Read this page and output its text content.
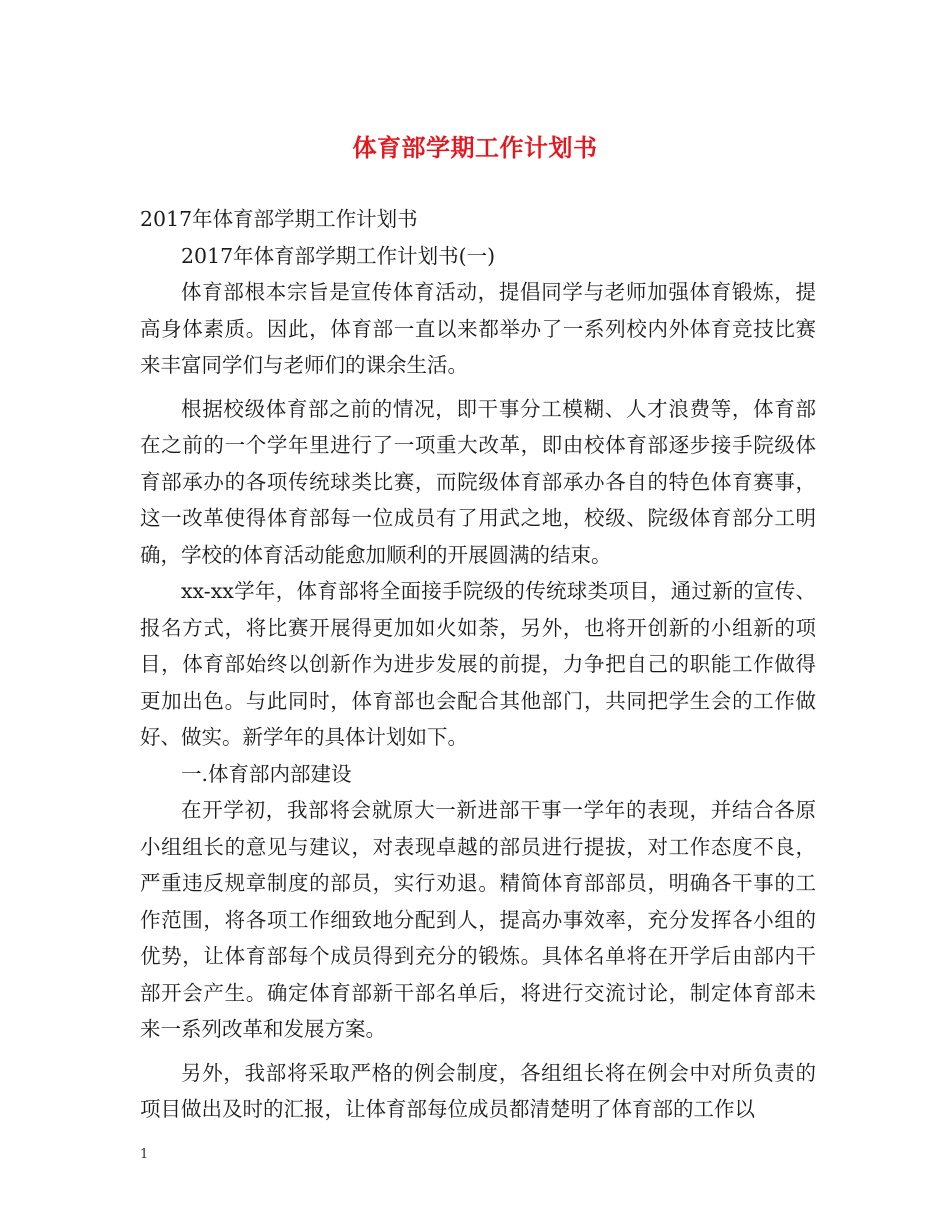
体育部学期工作计划书

2017年体育部学期工作计划书

2017年体育部学期工作计划书(一)

体育部根本宗旨是宣传体育活动，提倡同学与老师加强体育锻炼，提高身体素质。因此，体育部一直以来都举办了一系列校内外体育竞技比赛来丰富同学们与老师们的课余生活。

根据校级体育部之前的情况，即干事分工模糊、人才浪费等，体育部在之前的一个学年里进行了一项重大改革，即由校体育部逐步接手院级体育部承办的各项传统球类比赛，而院级体育部承办各自的特色体育赛事，这一改革使得体育部每一位成员有了用武之地，校级、院级体育部分工明确，学校的体育活动能愈加顺利的开展圆满的结束。

xx-xx学年，体育部将全面接手院级的传统球类项目，通过新的宣传、报名方式，将比赛开展得更加如火如荼，另外，也将开创新的小组新的项目，体育部始终以创新作为进步发展的前提，力争把自己的职能工作做得更加出色。与此同时，体育部也会配合其他部门，共同把学生会的工作做好、做实。新学年的具体计划如下。

一.体育部内部建设

在开学初，我部将会就原大一新进部干事一学年的表现，并结合各原小组组长的意见与建议，对表现卓越的部员进行提拔，对工作态度不良，严重违反规章制度的部员，实行劝退。精简体育部部员，明确各干事的工作范围，将各项工作细致地分配到人，提高办事效率，充分发挥各小组的优势，让体育部每个成员得到充分的锻炼。具体名单将在开学后由部内干部开会产生。确定体育部新干部名单后，将进行交流讨论，制定体育部未来一系列改革和发展方案。

另外，我部将采取严格的例会制度，各组组长将在例会中对所负责的项目做出及时的汇报，让体育部每位成员都清楚明了体育部的工作以

1
